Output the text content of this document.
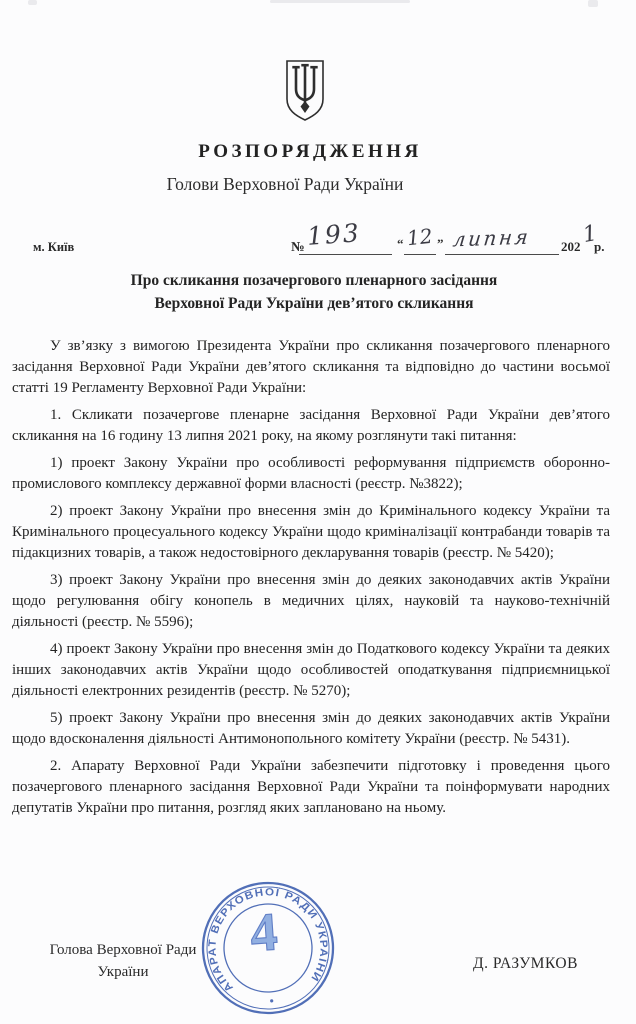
РОЗПОРЯДЖЕННЯ
Голови Верховної Ради України
м. Київ	№ 193	“ 12 ” липня 202 1
р.
Про скликання позачергового пленарного засідання
Верховної Ради України дев’ятого скликання

У зв’язку з вимогою Президента України про скликання позачергового пленарного засідання Верховної Ради України дев’ятого скликання та відповідно до частини восьмої статті 19 Регламенту Верховної Ради України:

1. Скликати позачергове пленарне засідання Верховної Ради України дев’ятого скликання на 16 годину 13 липня 2021 року, на якому розглянути такі питання:

1) проект Закону України про особливості реформування підприємств оборонно-промислового комплексу державної форми власності (реєстр. №3822);

2) проект Закону України про внесення змін до Кримінального кодексу України та Кримінального процесуального кодексу України щодо криміналізації контрабанди товарів та підакцизних товарів, а також недостовірного декларування товарів (реєстр. № 5420);

3) проект Закону України про внесення змін до деяких законодавчих актів України щодо регулювання обігу конопель в медичних цілях, науковій та науково-технічній діяльності (реєстр. № 5596);

4) проект Закону України про внесення змін до Податкового кодексу України та деяких інших законодавчих актів України щодо особливостей оподаткування підприємницької діяльності електронних резидентів (реєстр. № 5270);

5) проект Закону України про внесення змін до деяких законодавчих актів України щодо вдосконалення діяльності Антимонопольного комітету України (реєстр. № 5431).

2. Апарату Верховної Ради України забезпечити підготовку і проведення цього позачергового пленарного засідання Верховної Ради України та поінформувати народних депутатів України про питання, розгляд яких заплановано на ньому.

Голова Верховної Ради
України	Д. РАЗУМКОВ
АПАРАТ ВЕРХОВНОЇ РАДИ УКРАЇНИ
4
